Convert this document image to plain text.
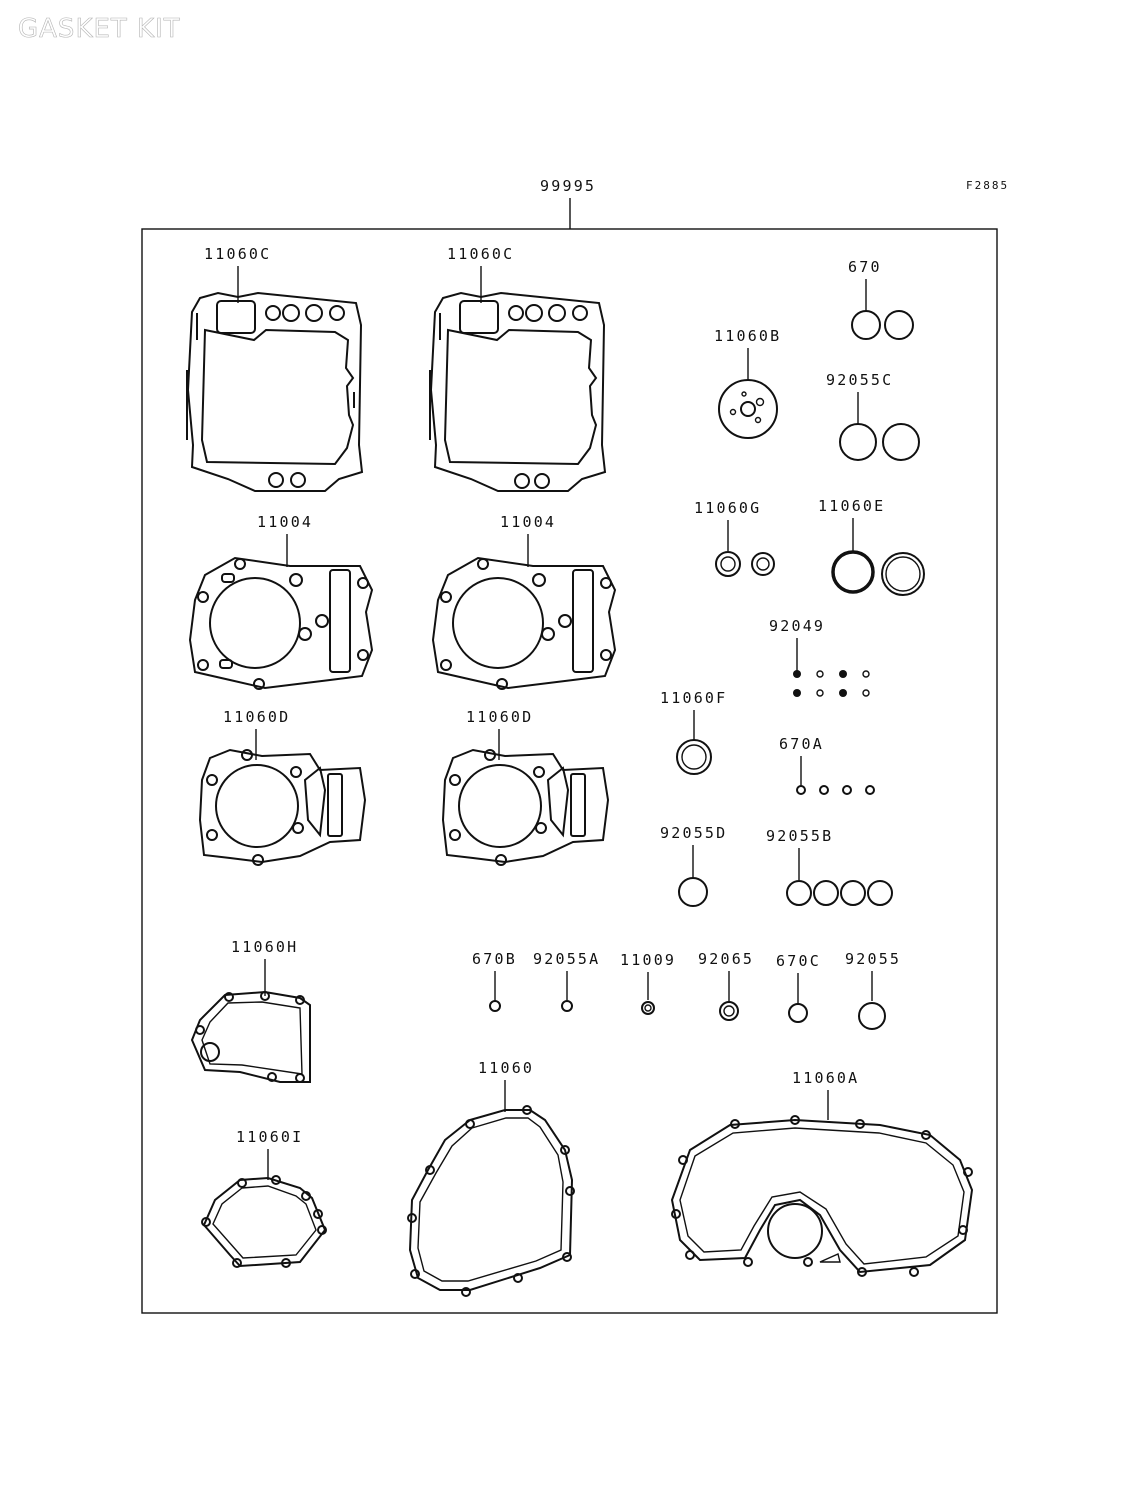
GASKET KIT
99995	F2885
11060C	11060C
670
11060B
92055C
11004	11004
11060G	11060E
92049
11060F
11060D	11060D
670A
92055D	92055B
11060H
670B 92055A 11009 92065 670C 92055
11060I
11060
11060A
